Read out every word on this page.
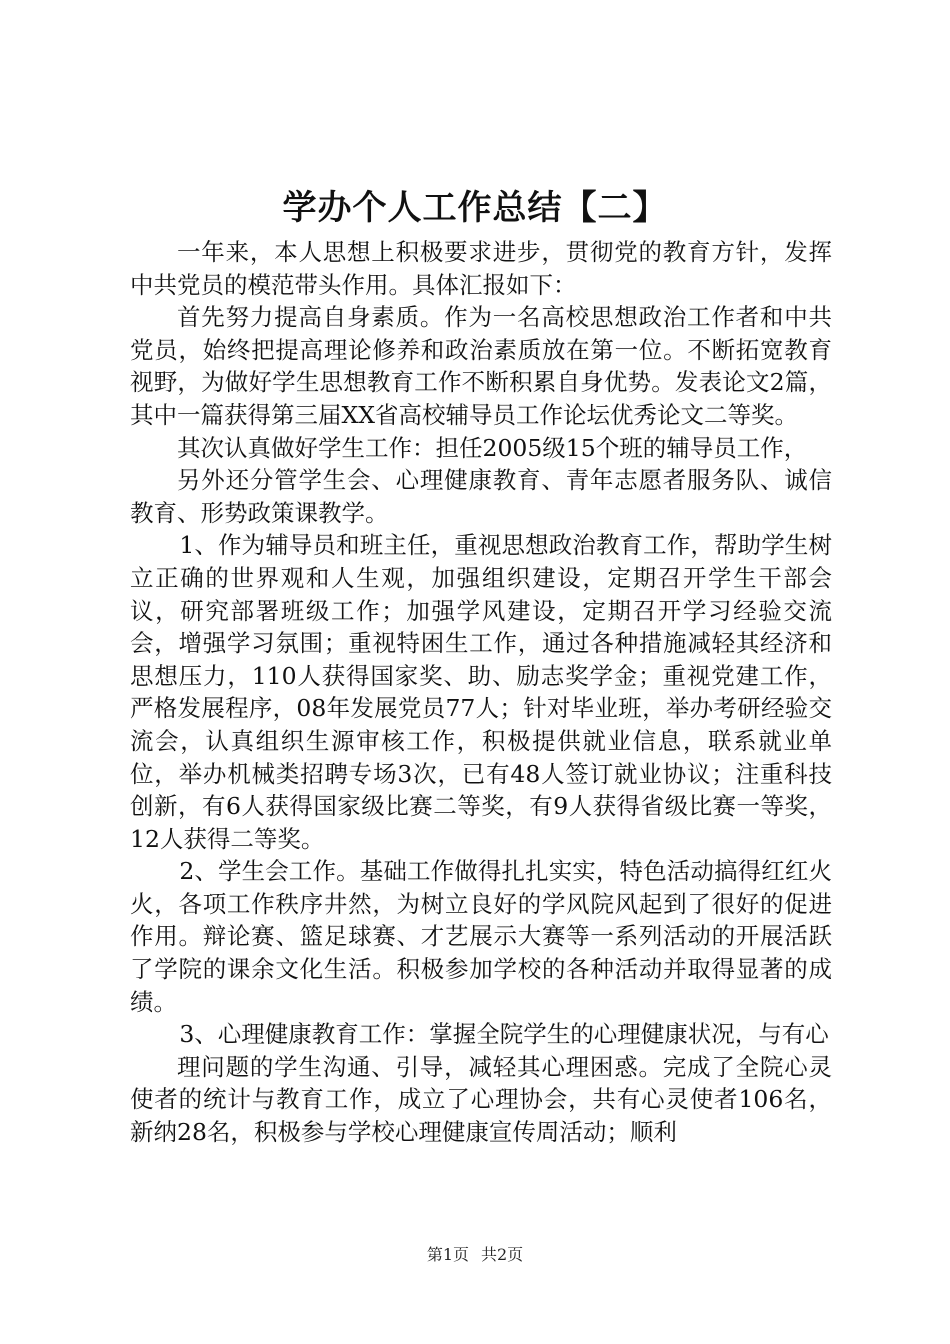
学办个人工作总结【二】

一年来，本人思想上积极要求进步，贯彻党的教育方针，发挥中共党员的模范带头作用。具体汇报如下：

首先努力提高自身素质。作为一名高校思想政治工作者和中共党员，始终把提高理论修养和政治素质放在第一位。不断拓宽教育视野，为做好学生思想教育工作不断积累自身优势。发表论文2篇，其中一篇获得第三届XX省高校辅导员工作论坛优秀论文二等奖。

其次认真做好学生工作：担任2005级15个班的辅导员工作，

另外还分管学生会、心理健康教育、青年志愿者服务队、诚信教育、形势政策课教学。

1、作为辅导员和班主任，重视思想政治教育工作，帮助学生树立正确的世界观和人生观，加强组织建设，定期召开学生干部会议，研究部署班级工作；加强学风建设，定期召开学习经验交流会，增强学习氛围；重视特困生工作，通过各种措施减轻其经济和思想压力，110人获得国家奖、助、励志奖学金；重视党建工作，严格发展程序，08年发展党员77人；针对毕业班，举办考研经验交流会，认真组织生源审核工作，积极提供就业信息，联系就业单位，举办机械类招聘专场3次，已有48人签订就业协议；注重科技创新，有6人获得国家级比赛二等奖，有9人获得省级比赛一等奖，12人获得二等奖。

2、学生会工作。基础工作做得扎扎实实，特色活动搞得红红火火，各项工作秩序井然，为树立良好的学风院风起到了很好的促进作用。辩论赛、篮足球赛、才艺展示大赛等一系列活动的开展活跃了学院的课余文化生活。积极参加学校的各种活动并取得显著的成绩。

3、心理健康教育工作：掌握全院学生的心理健康状况，与有心

理问题的学生沟通、引导，减轻其心理困惑。完成了全院心灵使者的统计与教育工作，成立了心理协会，共有心灵使者106名，新纳28名，积极参与学校心理健康宣传周活动；顺利

第1页 共2页
